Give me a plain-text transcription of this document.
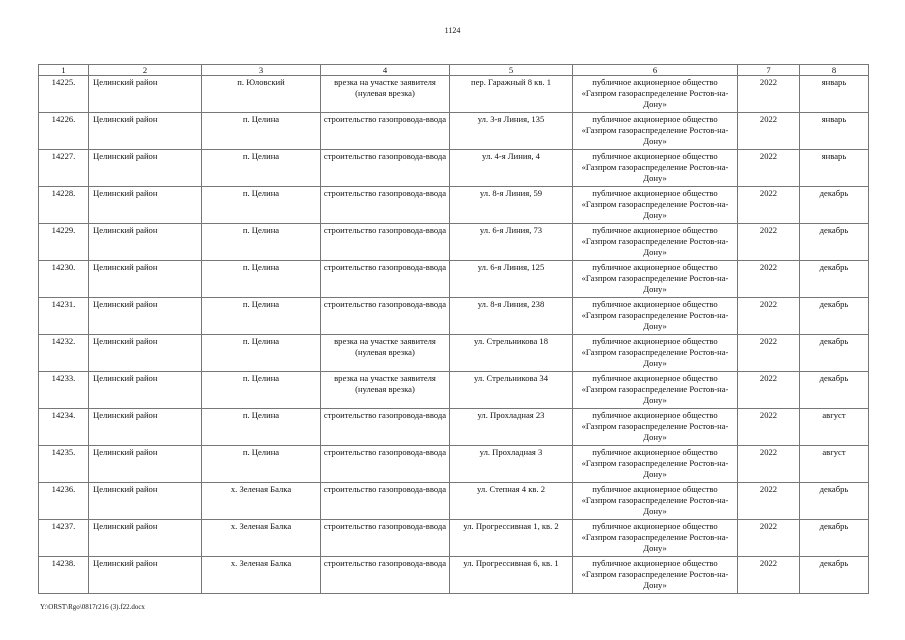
1124
1	2	3	4	5	6	7	8
14225.	Целинский район	п. Юловский	врезка на участке заявителя (нулевая врезка)	пер. Гаражный 8 кв. 1	публичное акционерное общество «Газпром газораспределение Ростов-на-Дону»	2022	январь
14226.	Целинский район	п. Целина	строительство газопровода-ввода	ул. 3-я Линия, 135	публичное акционерное общество «Газпром газораспределение Ростов-на-Дону»	2022	январь
14227.	Целинский район	п. Целина	строительство газопровода-ввода	ул. 4-я Линия, 4	публичное акционерное общество «Газпром газораспределение Ростов-на-Дону»	2022	январь
14228.	Целинский район	п. Целина	строительство газопровода-ввода	ул. 8-я Линия, 59	публичное акционерное общество «Газпром газораспределение Ростов-на-Дону»	2022	декабрь
14229.	Целинский район	п. Целина	строительство газопровода-ввода	ул. 6-я Линия, 73	публичное акционерное общество «Газпром газораспределение Ростов-на-Дону»	2022	декабрь
14230.	Целинский район	п. Целина	строительство газопровода-ввода	ул. 6-я Линия, 125	публичное акционерное общество «Газпром газораспределение Ростов-на-Дону»	2022	декабрь
14231.	Целинский район	п. Целина	строительство газопровода-ввода	ул. 8-я Линия, 238	публичное акционерное общество «Газпром газораспределение Ростов-на-Дону»	2022	декабрь
14232.	Целинский район	п. Целина	врезка на участке заявителя (нулевая врезка)	ул. Стрельникова 18	публичное акционерное общество «Газпром газораспределение Ростов-на-Дону»	2022	декабрь
14233.	Целинский район	п. Целина	врезка на участке заявителя (нулевая врезка)	ул. Стрельникова 34	публичное акционерное общество «Газпром газораспределение Ростов-на-Дону»	2022	декабрь
14234.	Целинский район	п. Целина	строительство газопровода-ввода	ул. Прохладная 23	публичное акционерное общество «Газпром газораспределение Ростов-на-Дону»	2022	август
14235.	Целинский район	п. Целина	строительство газопровода-ввода	ул. Прохладная 3	публичное акционерное общество «Газпром газораспределение Ростов-на-Дону»	2022	август
14236.	Целинский район	х. Зеленая Балка	строительство газопровода-ввода	ул. Степная 4 кв. 2	публичное акционерное общество «Газпром газораспределение Ростов-на-Дону»	2022	декабрь
14237.	Целинский район	х. Зеленая Балка	строительство газопровода-ввода	ул. Прогрессивная 1, кв. 2	публичное акционерное общество «Газпром газораспределение Ростов-на-Дону»	2022	декабрь
14238.	Целинский район	х. Зеленая Балка	строительство газопровода-ввода	ул. Прогрессивная 6, кв. 1	публичное акционерное общество «Газпром газораспределение Ростов-на-Дону»	2022	декабрь
Y:\ORST\Rgo\0817r216 (3).f22.docx
